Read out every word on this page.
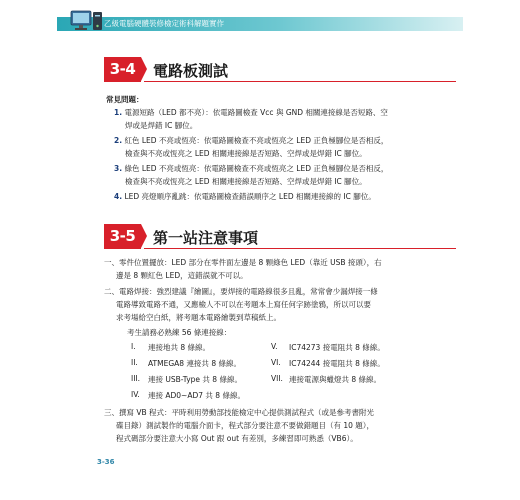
乙級電腦硬體裝修檢定術科解題實作
3-4	電路板測試
常見問題：
1. 電源短路（LED 都不亮）：依電路圖檢查 Vcc 與 GND 相關連接線是否短路、空
焊或是焊錯 IC 腳位。
2. 紅色 LED 不亮或恆亮：依電路圖檢查不亮或恆亮之 LED 正負極腳位是否相反，
檢查與不亮或恆亮之 LED 相關連接線是否短路、空焊或是焊錯 IC 腳位。
3. 綠色 LED 不亮或恆亮：依電路圖檢查不亮或恆亮之 LED 正負極腳位是否相反，
檢查與不亮或恆亮之 LED 相關連接線是否短路、空焊或是焊錯 IC 腳位。
4. LED 亮燈順序亂跳：依電路圖檢查錯誤順序之 LED 相關連接線的 IC 腳位。
3-5	第一站注意事項
一、零件位置擺放：LED 部分在零件面左邊是 8 顆綠色 LED（靠近 USB 接頭），右
邊是 8 顆紅色 LED，這錯誤就不可以。
二、電路焊接：強烈建議『繪圖』，要焊接的電路線很多且亂，常常會少漏焊接一條
電路導致電路不通，又應檢人不可以在考題本上寫任何字跡塗鴉，所以可以要
求考場給空白紙，將考題本電路繪製到草稿紙上。
考生請務必熟練 56 條連接線：
I. 連接地共 8 條線。	V. IC74273 接電阻共 8 條線。
II. ATMEGA8 連接共 8 條線。	VI. IC74244 接電阻共 8 條線。
III. 連接 USB-Type 共 8 條線。	VII. 連接電源與蠟燈共 8 條線。
IV. 連接 AD0~AD7 共 8 條線。
三、撰寫 VB 程式：平時利用勞動部技能檢定中心提供測試程式（或是參考書附光
碟目錄）測試製作的電腦介面卡，程式部分要注意不要做錯題目（有 10 題），
程式碼部分要注意大小寫 Out 跟 out 有差別，多練習即可熟悉（VB6）。
3-36
